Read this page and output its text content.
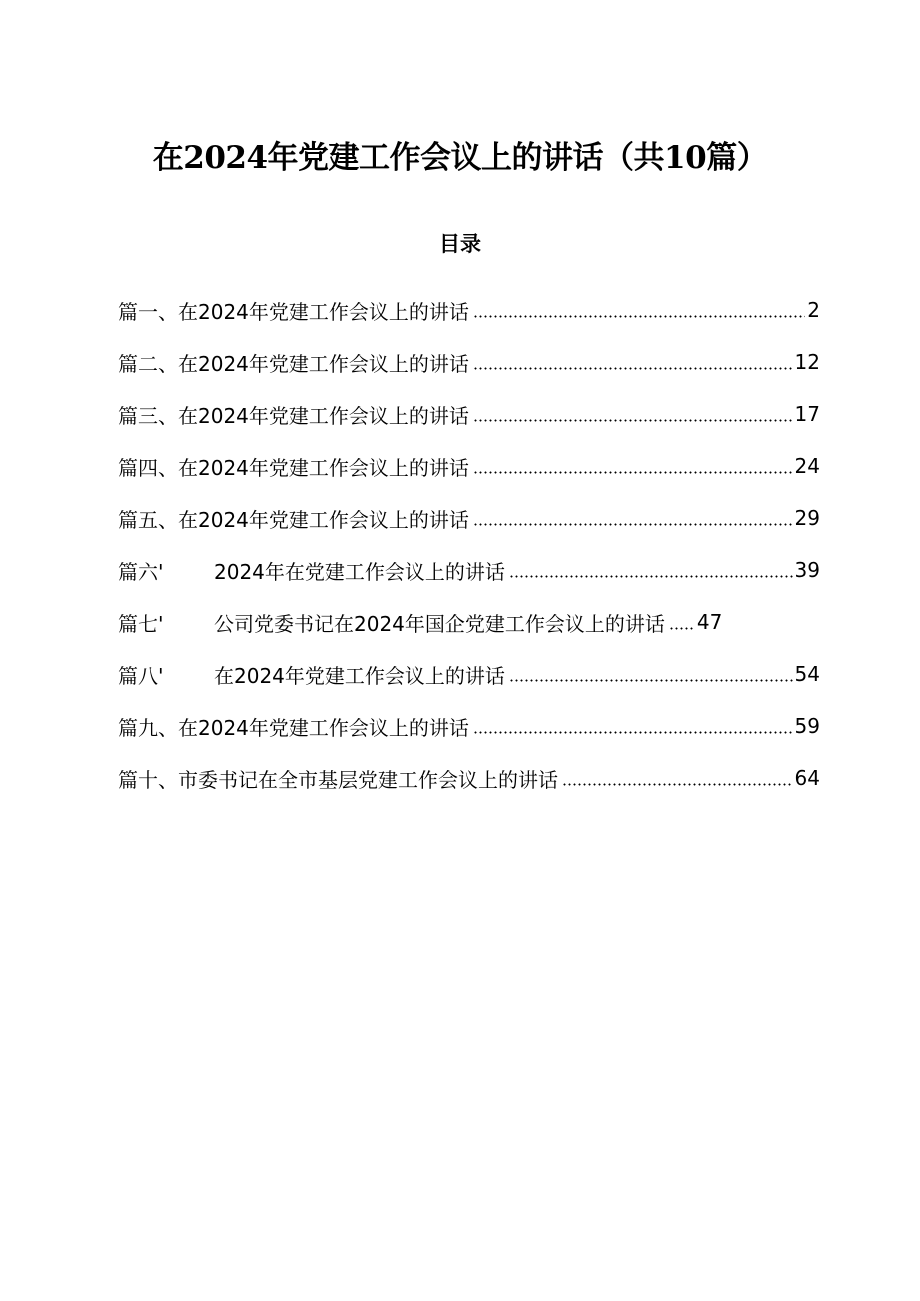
在2024年党建工作会议上的讲话（共10篇）
目录
篇一、 在2024年党建工作会议上的讲话	2
篇二、 在2024年党建工作会议上的讲话	12
篇三、 在2024年党建工作会议上的讲话	17
篇四、 在2024年党建工作会议上的讲话	24
篇五、 在2024年党建工作会议上的讲话	29
篇六'	2024年在党建工作会议上的讲话	39
篇七'	公司党委书记在2024年国企党建工作会议上的讲话 47
篇八'	在2024年党建工作会议上的讲话	54
篇九、 在2024年党建工作会议上的讲话	59
篇十、 市委书记在全市基层党建工作会议上的讲话	64
